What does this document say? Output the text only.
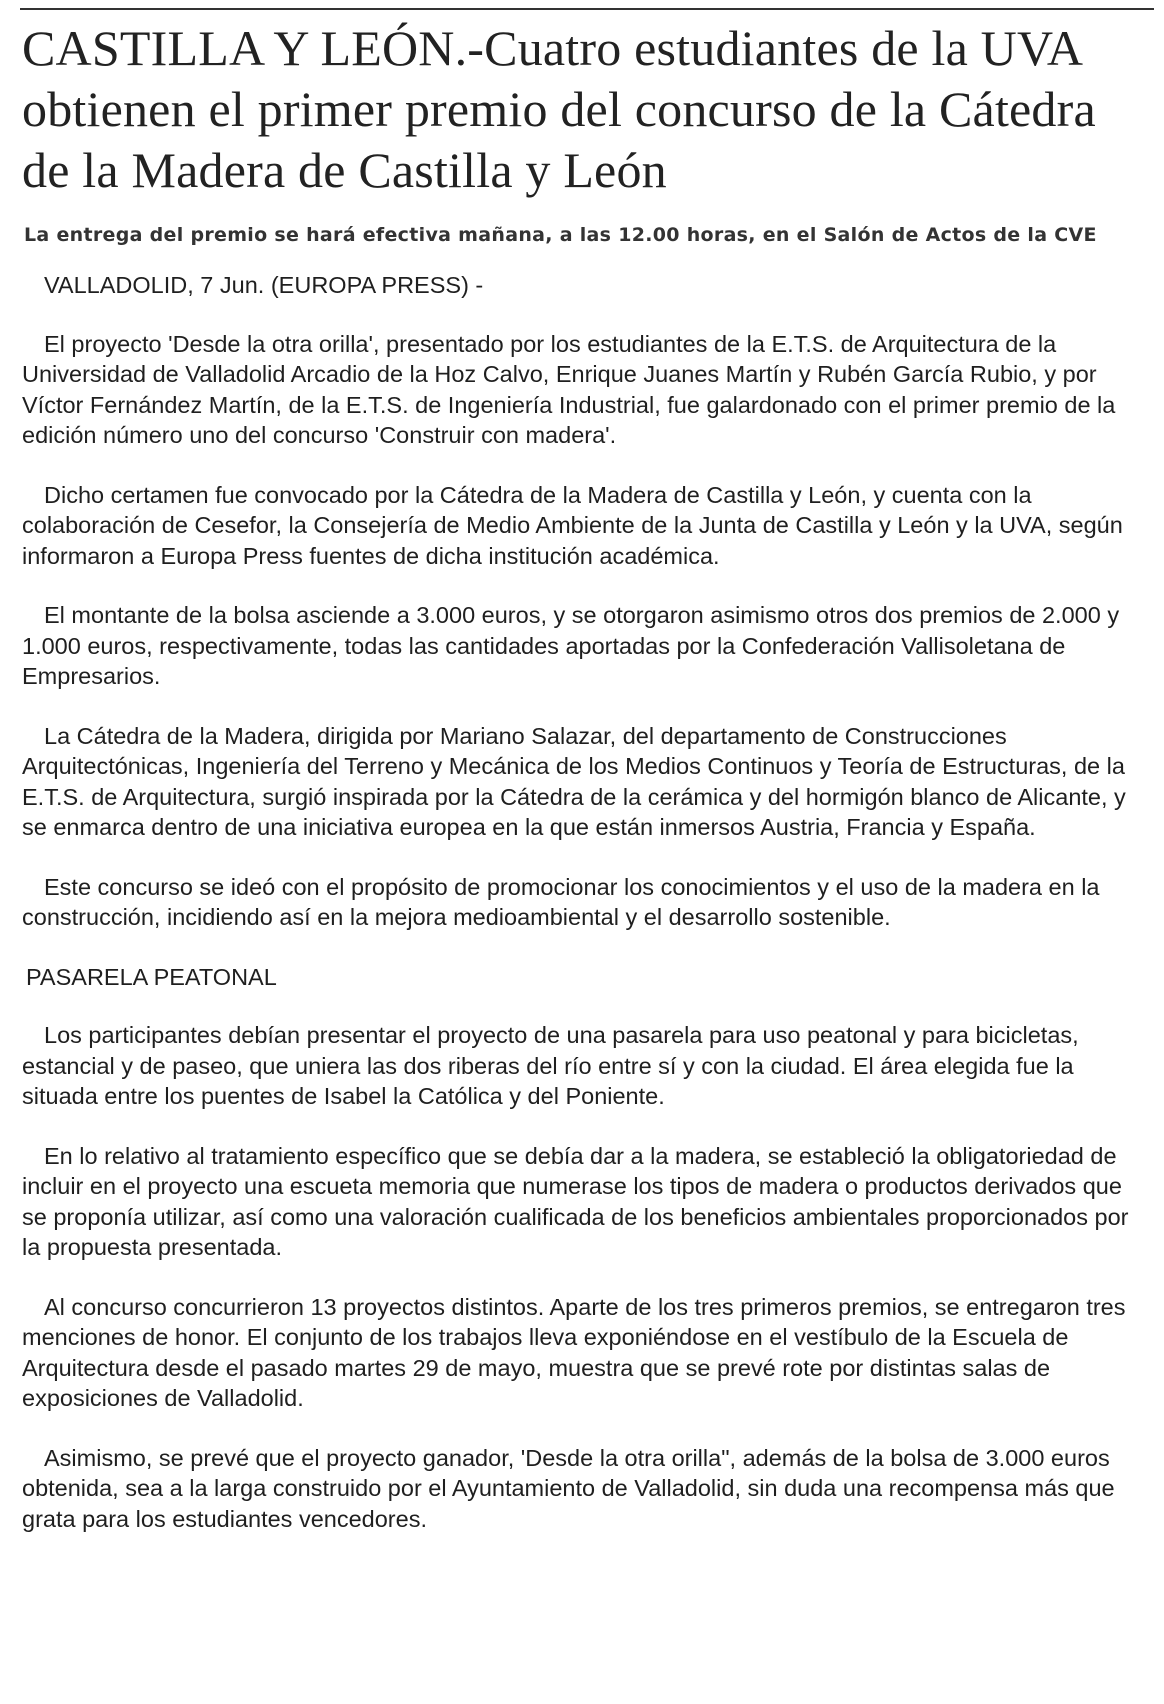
CASTILLA Y LEÓN.-Cuatro estudiantes de la UVA obtienen el primer premio del concurso de la Cátedra de la Madera de Castilla y León
La entrega del premio se hará efectiva mañana, a las 12.00 horas, en el Salón de Actos de la CVE

VALLADOLID, 7 Jun. (EUROPA PRESS) -

El proyecto 'Desde la otra orilla', presentado por los estudiantes de la E.T.S. de Arquitectura de la Universidad de Valladolid Arcadio de la Hoz Calvo, Enrique Juanes Martín y Rubén García Rubio, y por Víctor Fernández Martín, de la E.T.S. de Ingeniería Industrial, fue galardonado con el primer premio de la edición número uno del concurso 'Construir con madera'.

Dicho certamen fue convocado por la Cátedra de la Madera de Castilla y León, y cuenta con la colaboración de Cesefor, la Consejería de Medio Ambiente de la Junta de Castilla y León y la UVA, según informaron a Europa Press fuentes de dicha institución académica.

El montante de la bolsa asciende a 3.000 euros, y se otorgaron asimismo otros dos premios de 2.000 y 1.000 euros, respectivamente, todas las cantidades aportadas por la Confederación Vallisoletana de Empresarios.

La Cátedra de la Madera, dirigida por Mariano Salazar, del departamento de Construcciones Arquitectónicas, Ingeniería del Terreno y Mecánica de los Medios Continuos y Teoría de Estructuras, de la E.T.S. de Arquitectura, surgió inspirada por la Cátedra de la cerámica y del hormigón blanco de Alicante, y se enmarca dentro de una iniciativa europea en la que están inmersos Austria, Francia y España.

Este concurso se ideó con el propósito de promocionar los conocimientos y el uso de la madera en la construcción, incidiendo así en la mejora medioambiental y el desarrollo sostenible.

PASARELA PEATONAL

Los participantes debían presentar el proyecto de una pasarela para uso peatonal y para bicicletas, estancial y de paseo, que uniera las dos riberas del río entre sí y con la ciudad. El área elegida fue la situada entre los puentes de Isabel la Católica y del Poniente.

En lo relativo al tratamiento específico que se debía dar a la madera, se estableció la obligatoriedad de incluir en el proyecto una escueta memoria que numerase los tipos de madera o productos derivados que se proponía utilizar, así como una valoración cualificada de los beneficios ambientales proporcionados por la propuesta presentada.

Al concurso concurrieron 13 proyectos distintos. Aparte de los tres primeros premios, se entregaron tres menciones de honor. El conjunto de los trabajos lleva exponiéndose en el vestíbulo de la Escuela de Arquitectura desde el pasado martes 29 de mayo, muestra que se prevé rote por distintas salas de exposiciones de Valladolid.

Asimismo, se prevé que el proyecto ganador, 'Desde la otra orilla", además de la bolsa de 3.000 euros obtenida, sea a la larga construido por el Ayuntamiento de Valladolid, sin duda una recompensa más que grata para los estudiantes vencedores.
